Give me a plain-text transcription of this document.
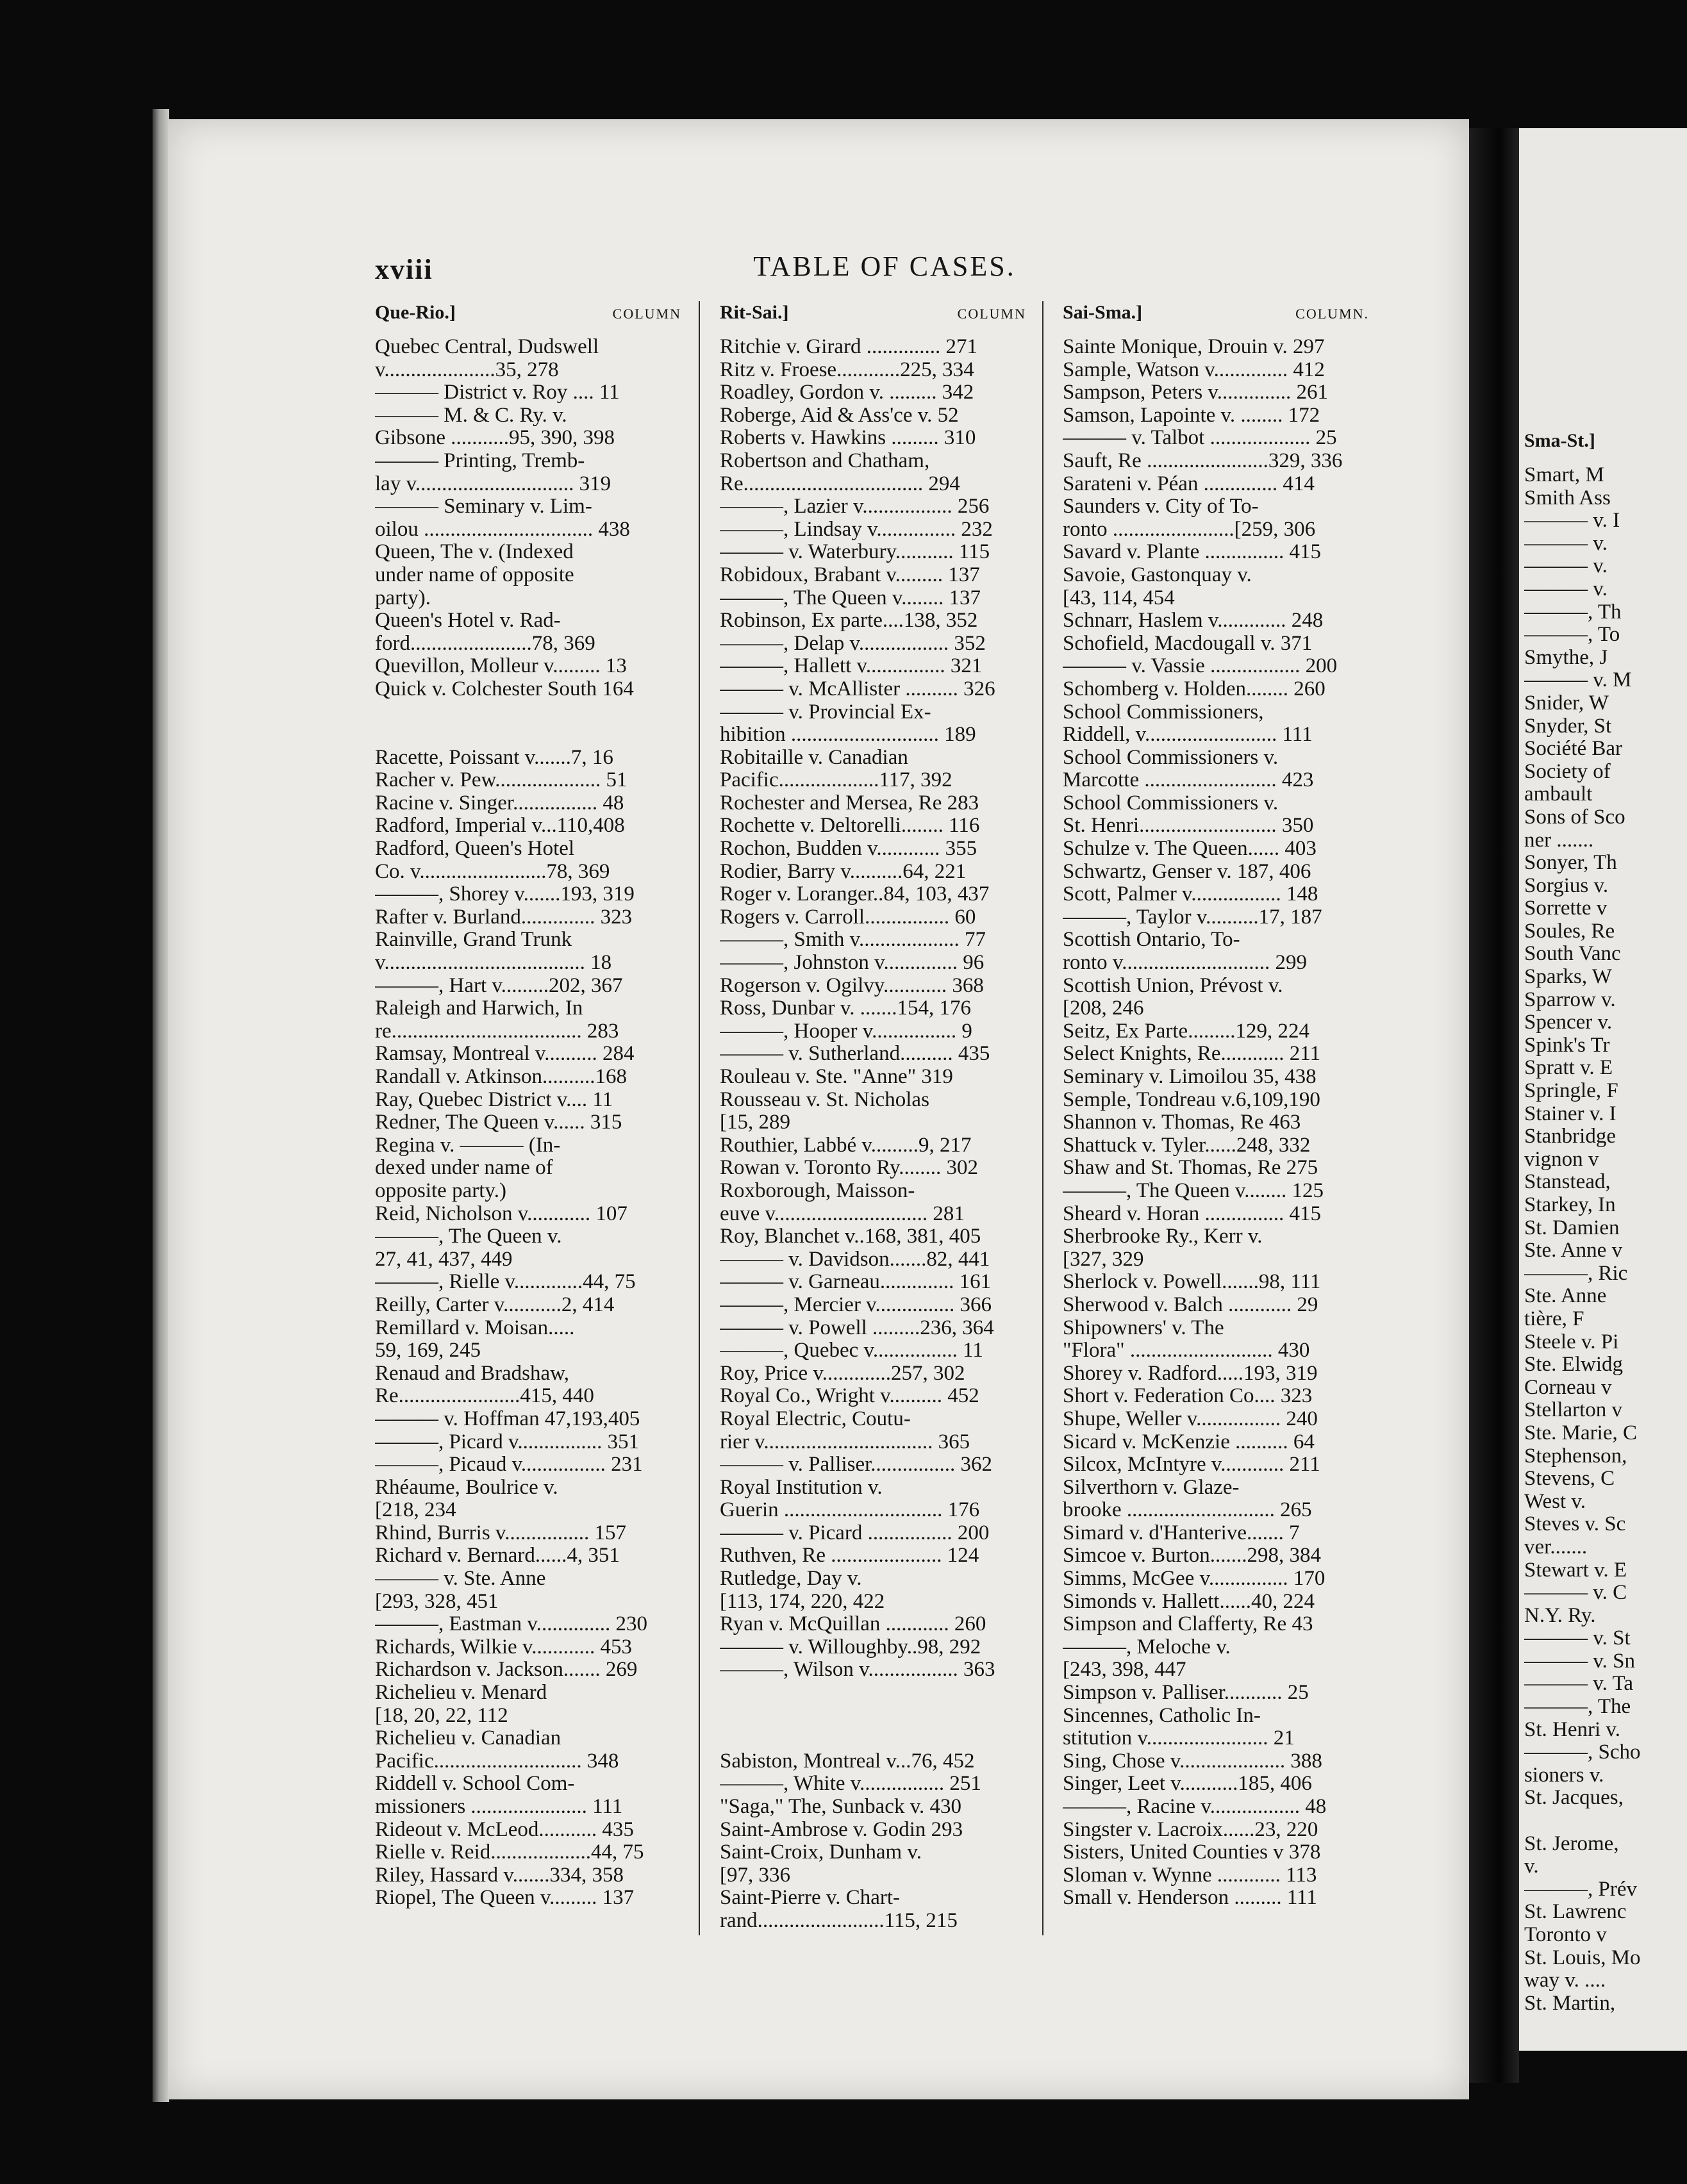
Sma-St.]
Smart, M
Smith Ass
——— v. I
——— v.
——— v.
——— v.
———, Th
———, To
Smythe, J
——— v. M
Snider, W
Snyder, St
Société Bar
Society of
ambault
Sons of Sco
ner .......
Sonyer, Th
Sorgius v.
Sorrette v
Soules, Re
South Vanc
Sparks, W
Sparrow v.
Spencer v.
Spink's Tr
Spratt v. E
Springle, F
Stainer v. I
Stanbridge
vignon v
Stanstead,
Starkey, In
St. Damien
Ste. Anne v
———, Ric
Ste. Anne
tière, F
Steele v. Pi
Ste. Elwidg
Corneau v
Stellarton v
Ste. Marie, C
Stephenson,
Stevens, C
West v.
Steves v. Sc
ver.......
Stewart v. E
——— v. C
N.Y. Ry.
——— v. St
——— v. Sn
——— v. Ta
———, The
St. Henri v.
———, Scho
sioners v.
St. Jacques,
St. Jerome,
v.
———, Prév
St. Lawrenc
Toronto v
St. Louis, Mo
way v. ....
St. Martin,
xviii	TABLE OF CASES.
Que-Rio.]	COLUMN
Quebec Central, Dudswell
v.....................35, 278
——— District v. Roy .... 11
——— M. & C. Ry. v.
Gibsone ...........95, 390, 398
——— Printing, Tremb-
lay v.............................. 319
——— Seminary v. Lim-
oilou ................................ 438
Queen, The v. (Indexed
under name of opposite
party).
Queen's Hotel v. Rad-
ford.......................78, 369
Quevillon, Molleur v......... 13
Quick v. Colchester South 164
Racette, Poissant v.......7, 16
Racher v. Pew.................... 51
Racine v. Singer................ 48
Radford, Imperial v...110,408
Radford, Queen's Hotel
Co. v........................78, 369
———, Shorey v.......193, 319
Rafter v. Burland.............. 323
Rainville, Grand Trunk
v...................................... 18
———, Hart v.........202, 367
Raleigh and Harwich, In
re.................................... 283
Ramsay, Montreal v.......... 284
Randall v. Atkinson..........168
Ray, Quebec District v.... 11
Redner, The Queen v...... 315
Regina v. ——— (In-
dexed under name of
opposite party.)
Reid, Nicholson v............ 107
———, The Queen v.
27, 41, 437, 449
———, Rielle v.............44, 75
Reilly, Carter v...........2, 414
Remillard v. Moisan.....
59, 169, 245
Renaud and Bradshaw,
Re.......................415, 440
——— v. Hoffman 47,193,405
———, Picard v................ 351
———, Picaud v................ 231
Rhéaume, Boulrice v.
[218, 234
Rhind, Burris v................ 157
Richard v. Bernard......4, 351
——— v. Ste. Anne
[293, 328, 451
———, Eastman v.............. 230
Richards, Wilkie v............ 453
Richardson v. Jackson....... 269
Richelieu v. Menard
[18, 20, 22, 112
Richelieu v. Canadian
Pacific............................ 348
Riddell v. School Com-
missioners ...................... 111
Rideout v. McLeod........... 435
Rielle v. Reid...................44, 75
Riley, Hassard v.......334, 358
Riopel, The Queen v......... 137
Rit-Sai.]	COLUMN
Ritchie v. Girard .............. 271
Ritz v. Froese............225, 334
Roadley, Gordon v. ......... 342
Roberge, Aid & Ass'ce v. 52
Roberts v. Hawkins ......... 310
Robertson and Chatham,
Re.................................. 294
———, Lazier v................. 256
———, Lindsay v............... 232
——— v. Waterbury........... 115
Robidoux, Brabant v......... 137
———, The Queen v........ 137
Robinson, Ex parte....138, 352
———, Delap v................. 352
———, Hallett v............... 321
——— v. McAllister .......... 326
——— v. Provincial Ex-
hibition ............................ 189
Robitaille v. Canadian
Pacific...................117, 392
Rochester and Mersea, Re 283
Rochette v. Deltorelli........ 116
Rochon, Budden v............ 355
Rodier, Barry v..........64, 221
Roger v. Loranger..84, 103, 437
Rogers v. Carroll................ 60
———, Smith v................... 77
———, Johnston v.............. 96
Rogerson v. Ogilvy............ 368
Ross, Dunbar v. .......154, 176
———, Hooper v................ 9
——— v. Sutherland.......... 435
Rouleau v. Ste. "Anne" 319
Rousseau v. St. Nicholas
[15, 289
Routhier, Labbé v.........9, 217
Rowan v. Toronto Ry........ 302
Roxborough, Maisson-
euve v............................. 281
Roy, Blanchet v..168, 381, 405
——— v. Davidson.......82, 441
——— v. Garneau.............. 161
———, Mercier v............... 366
——— v. Powell .........236, 364
———, Quebec v................ 11
Roy, Price v.............257, 302
Royal Co., Wright v.......... 452
Royal Electric, Coutu-
rier v................................ 365
——— v. Palliser................ 362
Royal Institution v.
Guerin .............................. 176
——— v. Picard ................ 200
Ruthven, Re ..................... 124
Rutledge, Day v.
[113, 174, 220, 422
Ryan v. McQuillan ............ 260
——— v. Willoughby..98, 292
———, Wilson v................. 363
Sabiston, Montreal v...76, 452
———, White v................ 251
"Saga," The, Sunback v. 430
Saint-Ambrose v. Godin 293
Saint-Croix, Dunham v.
[97, 336
Saint-Pierre v. Chart-
rand........................115, 215
Sai-Sma.]	COLUMN.
Sainte Monique, Drouin v. 297
Sample, Watson v.............. 412
Sampson, Peters v.............. 261
Samson, Lapointe v. ........ 172
——— v. Talbot ................... 25
Sauft, Re .......................329, 336
Sarateni v. Péan .............. 414
Saunders v. City of To-
ronto .......................[259, 306
Savard v. Plante ............... 415
Savoie, Gastonquay v.
[43, 114, 454
Schnarr, Haslem v............. 248
Schofield, Macdougall v. 371
——— v. Vassie ................. 200
Schomberg v. Holden........ 260
School Commissioners,
Riddell, v......................... 111
School Commissioners v.
Marcotte ......................... 423
School Commissioners v.
St. Henri.......................... 350
Schulze v. The Queen...... 403
Schwartz, Genser v. 187, 406
Scott, Palmer v................. 148
———, Taylor v..........17, 187
Scottish Ontario, To-
ronto v............................ 299
Scottish Union, Prévost v.
[208, 246
Seitz, Ex Parte.........129, 224
Select Knights, Re............ 211
Seminary v. Limoilou 35, 438
Semple, Tondreau v.6,109,190
Shannon v. Thomas, Re 463
Shattuck v. Tyler......248, 332
Shaw and St. Thomas, Re 275
———, The Queen v........ 125
Sheard v. Horan ............... 415
Sherbrooke Ry., Kerr v.
[327, 329
Sherlock v. Powell.......98, 111
Sherwood v. Balch ............ 29
Shipowners' v. The
"Flora" ........................... 430
Shorey v. Radford.....193, 319
Short v. Federation Co.... 323
Shupe, Weller v................ 240
Sicard v. McKenzie .......... 64
Silcox, McIntyre v............ 211
Silverthorn v. Glaze-
brooke ............................ 265
Simard v. d'Hanterive....... 7
Simcoe v. Burton.......298, 384
Simms, McGee v............... 170
Simonds v. Hallett......40, 224
Simpson and Clafferty, Re 43
———, Meloche v.
[243, 398, 447
Simpson v. Palliser........... 25
Sincennes, Catholic In-
stitution v....................... 21
Sing, Chose v.................... 388
Singer, Leet v...........185, 406
———, Racine v................. 48
Singster v. Lacroix......23, 220
Sisters, United Counties v 378
Sloman v. Wynne ............ 113
Small v. Henderson ......... 111
